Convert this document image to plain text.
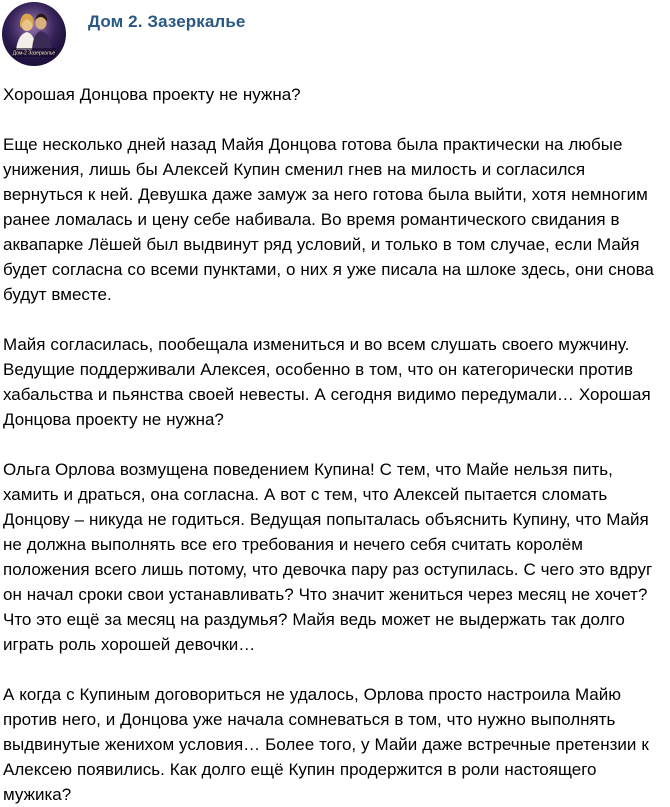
Дом-2 Зазеркалье
Дом 2. Зазеркалье

Хорошая Донцова проекту не нужна?

Еще несколько дней назад Майя Донцова готова была практически на любые унижения, лишь бы Алексей Купин сменил гнев на милость и согласился вернуться к ней. Девушка даже замуж за него готова была выйти, хотя немногим ранее ломалась и цену себе набивала. Во время романтического свидания в аквапарке Лёшей был выдвинут ряд условий, и только в том случае, если Майя будет согласна со всеми пунктами, о них я уже писала на шлоке здесь, они снова будут вместе.

Майя согласилась, пообещала измениться и во всем слушать своего мужчину. Ведущие поддерживали Алексея, особенно в том, что он категорически против хабальства и пьянства своей невесты. А сегодня видимо передумали… Хорошая Донцова проекту не нужна?

Ольга Орлова возмущена поведением Купина! С тем, что Майе нельзя пить, хамить и драться, она согласна. А вот с тем, что Алексей пытается сломать Донцову – никуда не годиться. Ведущая попыталась объяснить Купину, что Майя не должна выполнять все его требования и нечего себя считать королём положения всего лишь потому, что девочка пару раз оступилась. С чего это вдруг он начал сроки свои устанавливать? Что значит жениться через месяц не хочет? Что это ещё за месяц на раздумья? Майя ведь может не выдержать так долго играть роль хорошей девочки…

А когда с Купиным договориться не удалось, Орлова просто настроила Майю против него, и Донцова уже начала сомневаться в том, что нужно выполнять выдвинутые женихом условия… Более того, у Майи даже встречные претензии к Алексею появились. Как долго ещё Купин продержится в роли настоящего мужика?
